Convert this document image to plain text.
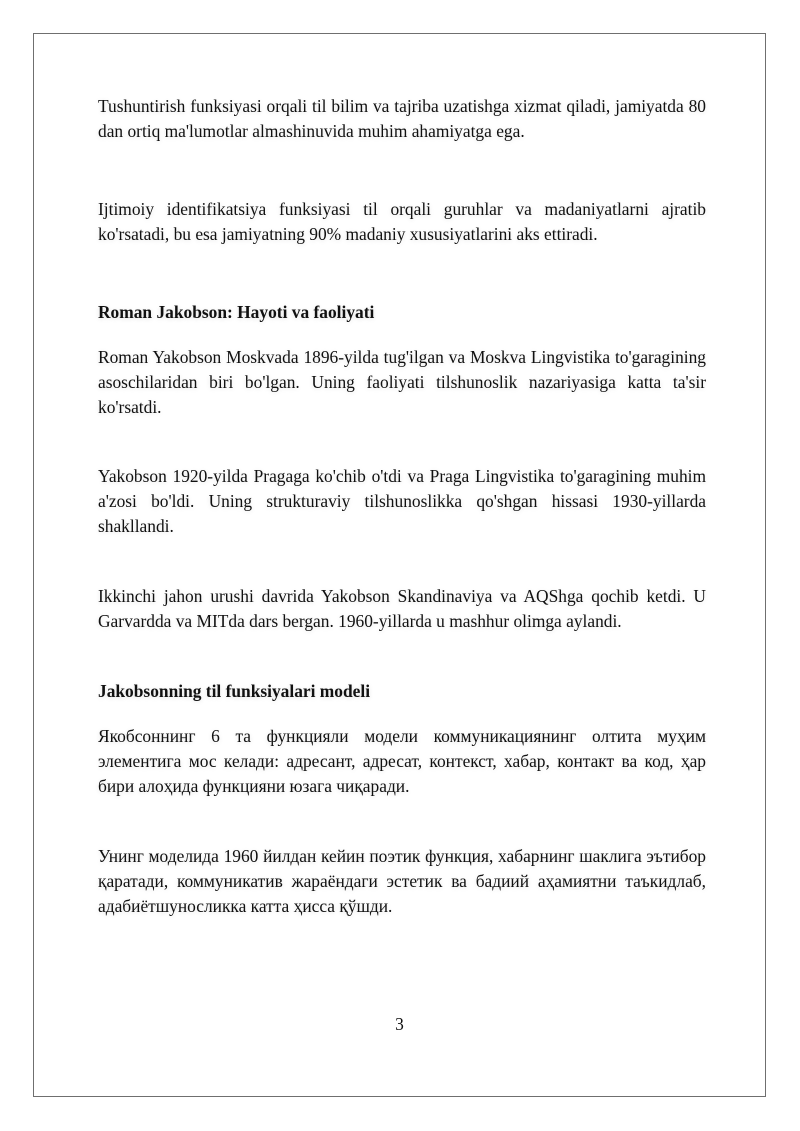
Tushuntirish funksiyasi orqali til bilim va tajriba uzatishga xizmat qiladi, jamiyatda 80 dan ortiq ma'lumotlar almashinuvida muhim ahamiyatga ega.

Ijtimoiy identifikatsiya funksiyasi til orqali guruhlar va madaniyatlarni ajratib ko'rsatadi, bu esa jamiyatning 90% madaniy xususiyatlarini aks ettiradi.

Roman Jakobson: Hayoti va faoliyati

Roman Yakobson Moskvada 1896-yilda tug'ilgan va Moskva Lingvistika to'garagining asoschilaridan biri bo'lgan. Uning faoliyati tilshunoslik nazariyasiga katta ta'sir ko'rsatdi.

Yakobson 1920-yilda Pragaga ko'chib o'tdi va Praga Lingvistika to'garagining muhim a'zosi bo'ldi. Uning strukturaviy tilshunoslikka qo'shgan hissasi 1930-yillarda shakllandi.

Ikkinchi jahon urushi davrida Yakobson Skandinaviya va AQShga qochib ketdi. U Garvardda va MITda dars bergan. 1960-yillarda u mashhur olimga aylandi.

Jakobsonning til funksiyalari modeli

Якобсоннинг 6 та функцияли модели коммуникациянинг олтита муҳим элементига мос келади: адресант, адресат, контекст, хабар, контакт ва код, ҳар бири алоҳида функцияни юзага чиқаради.

Унинг моделида 1960 йилдан кейин поэтик функция, хабарнинг шаклига эътибор қаратади, коммуникатив жараёндаги эстетик ва бадиий аҳамиятни таъкидлаб, адабиётшуносликка катта ҳисса қўшди.

3
